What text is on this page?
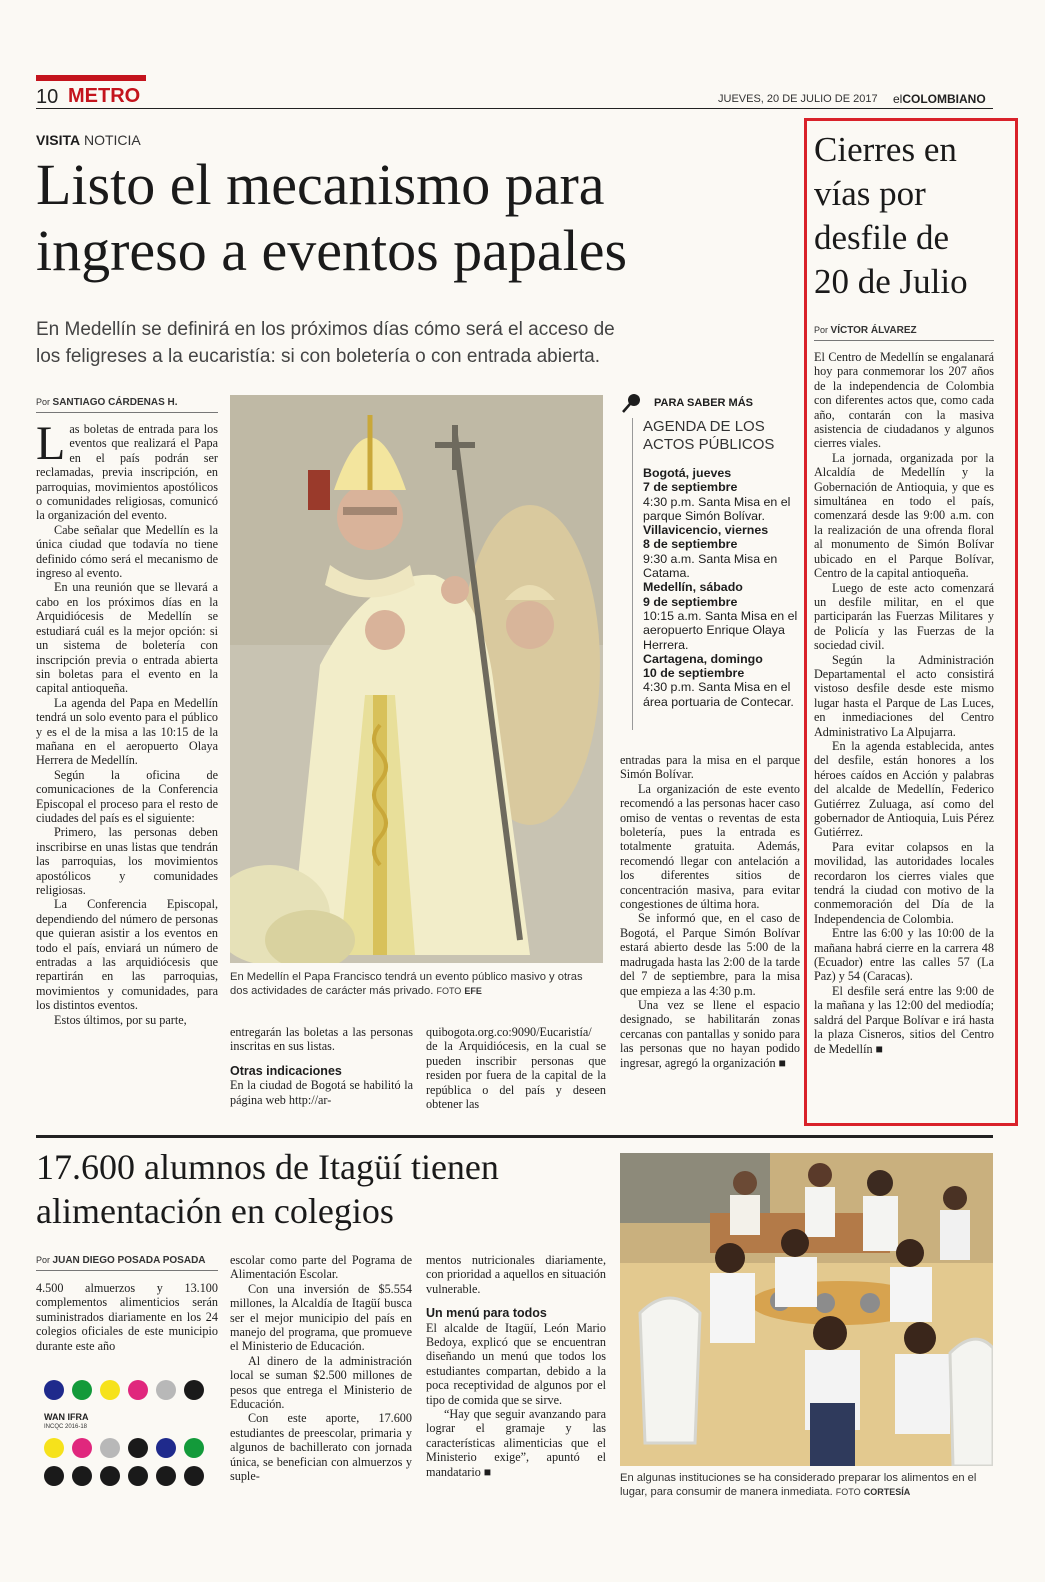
10 METRO	JUEVES, 20 DE JULIO DE 2017 elCOLOMBIANO
VISITA NOTICIA
Listo el mecanismo para
ingreso a eventos papales
En Medellín se definirá en los próximos días cómo será el acceso de
los feligreses a la eucaristía: si con boletería o con entrada abierta.
Por SANTIAGO CÁRDENAS H.

Las boletas de entrada para los eventos que realizará el Papa en el país podrán ser reclamadas, previa inscripción, en parroquias, movimientos apostólicos o comunidades religiosas, comunicó la organización del evento.

Cabe señalar que Medellín es la única ciudad que todavía no tiene definido cómo será el mecanismo de ingreso al evento.

En una reunión que se llevará a cabo en los próximos días en la Arquidiócesis de Medellín se estudiará cuál es la mejor opción: si un sistema de boletería con inscripción previa o entrada abierta sin boletas para el evento en la capital antioqueña.

La agenda del Papa en Medellín tendrá un solo evento para el público y es el de la misa a las 10:15 de la mañana en el aeropuerto Olaya Herrera de Medellín.

Según la oficina de comunicaciones de la Conferencia Episcopal el proceso para el resto de ciudades del país es el siguiente:

Primero, las personas deben inscribirse en unas listas que tendrán las parroquias, los movimientos apostólicos y comunidades religiosas.

La Conferencia Episcopal, dependiendo del número de personas que quieran asistir a los eventos en todo el país, enviará un número de entradas a las arquidiócesis que repartirán en las parroquias, movimientos y comunidades, para los distintos eventos.

Estos últimos, por su parte,

En Medellín el Papa Francisco tendrá un evento público masivo y otras dos actividades de carácter más privado. FOTO EFE

entregarán las boletas a las personas inscritas en sus listas.

Otras indicaciones

En la ciudad de Bogotá se habilitó la página web http://ar-

quibogota.org.co:9090/Eucaristía/ de la Arquidiócesis, en la cual se pueden inscribir personas que residen por fuera de la capital de la república o del país y deseen obtener las

PARA SABER MÁS
AGENDA DE LOS
ACTOS PÚBLICOS
Bogotá, jueves
7 de septiembre
4:30 p.m. Santa Misa en el parque Simón Bolívar.
Villavicencio, viernes
8 de septiembre
9:30 a.m. Santa Misa en Catama.
Medellín, sábado
9 de septiembre
10:15 a.m. Santa Misa en el aeropuerto Enrique Olaya Herrera.
Cartagena, domingo
10 de septiembre
4:30 p.m. Santa Misa en el área portuaria de Contecar.

entradas para la misa en el parque Simón Bolívar.

La organización de este evento recomendó a las personas hacer caso omiso de ventas o reventas de esta boletería, pues la entrada es totalmente gratuita. Además, recomendó llegar con antelación a los diferentes sitios de concentración masiva, para evitar congestiones de última hora.

Se informó que, en el caso de Bogotá, el Parque Simón Bolívar estará abierto desde las 5:00 de la madrugada hasta las 2:00 de la tarde del 7 de septiembre, para la misa que empieza a las 4:30 p.m.

Una vez se llene el espacio designado, se habilitarán zonas cercanas con pantallas y sonido para las personas que no hayan podido ingresar, agregó la organización ■

Cierres en
vías por
desfile de
20 de Julio
Por VÍCTOR ÁLVAREZ

El Centro de Medellín se engalanará hoy para conmemorar los 207 años de la independencia de Colombia con diferentes actos que, como cada año, contarán con la masiva asistencia de ciudadanos y algunos cierres viales.

La jornada, organizada por la Alcaldía de Medellín y la Gobernación de Antioquia, y que es simultánea en todo el país, comenzará desde las 9:00 a.m. con la realización de una ofrenda floral al monumento de Simón Bolívar ubicado en el Parque Bolívar, Centro de la capital antioqueña.

Luego de este acto comenzará un desfile militar, en el que participarán las Fuerzas Militares y de Policía y las Fuerzas de la sociedad civil.

Según la Administración Departamental el acto consistirá vistoso desfile desde este mismo lugar hasta el Parque de Las Luces, en inmediaciones del Centro Administrativo La Alpujarra.

En la agenda establecida, antes del desfile, están honores a los héroes caídos en Acción y palabras del alcalde de Medellín, Federico Gutiérrez Zuluaga, así como del gobernador de Antioquia, Luis Pérez Gutiérrez.

Para evitar colapsos en la movilidad, las autoridades locales recordaron los cierres viales que tendrá la ciudad con motivo de la conmemoración del Día de la Independencia de Colombia.

Entre las 6:00 y las 10:00 de la mañana habrá cierre en la carrera 48 (Ecuador) entre las calles 57 (La Paz) y 54 (Caracas).

El desfile será entre las 9:00 de la mañana y las 12:00 del mediodía; saldrá del Parque Bolívar e irá hasta la plaza Cisneros, sitios del Centro de Medellín ■

17.600 alumnos de Itagüí tienen
alimentación en colegios
Por JUAN DIEGO POSADA POSADA

4.500 almuerzos y 13.100 complementos alimenticios serán suministrados diariamente en los 24 colegios oficiales de este municipio durante este año

WAN IFRA
INCQC 2016-18

escolar como parte del Pograma de Alimentación Escolar.

Con una inversión de $5.554 millones, la Alcaldía de Itagüí busca ser el mejor municipio del país en manejo del programa, que promueve el Ministerio de Educación.

Al dinero de la administración local se suman $2.500 millones de pesos que entrega el Ministerio de Educación.

Con este aporte, 17.600 estudiantes de preescolar, primaria y algunos de bachillerato con jornada única, se benefician con almuerzos y suple-

mentos nutricionales diariamente, con prioridad a aquellos en situación vulnerable.

Un menú para todos

El alcalde de Itagüí, León Mario Bedoya, explicó que se encuentran diseñando un menú que todos los estudiantes compartan, debido a la poca receptividad de algunos por el tipo de comida que se sirve.

“Hay que seguir avanzando para lograr el gramaje y las características alimenticias que el Ministerio exige”, apuntó el mandatario ■	En algunas instituciones se ha considerado preparar los alimentos en el lugar, para consumir de manera inmediata. FOTO CORTESÍA
